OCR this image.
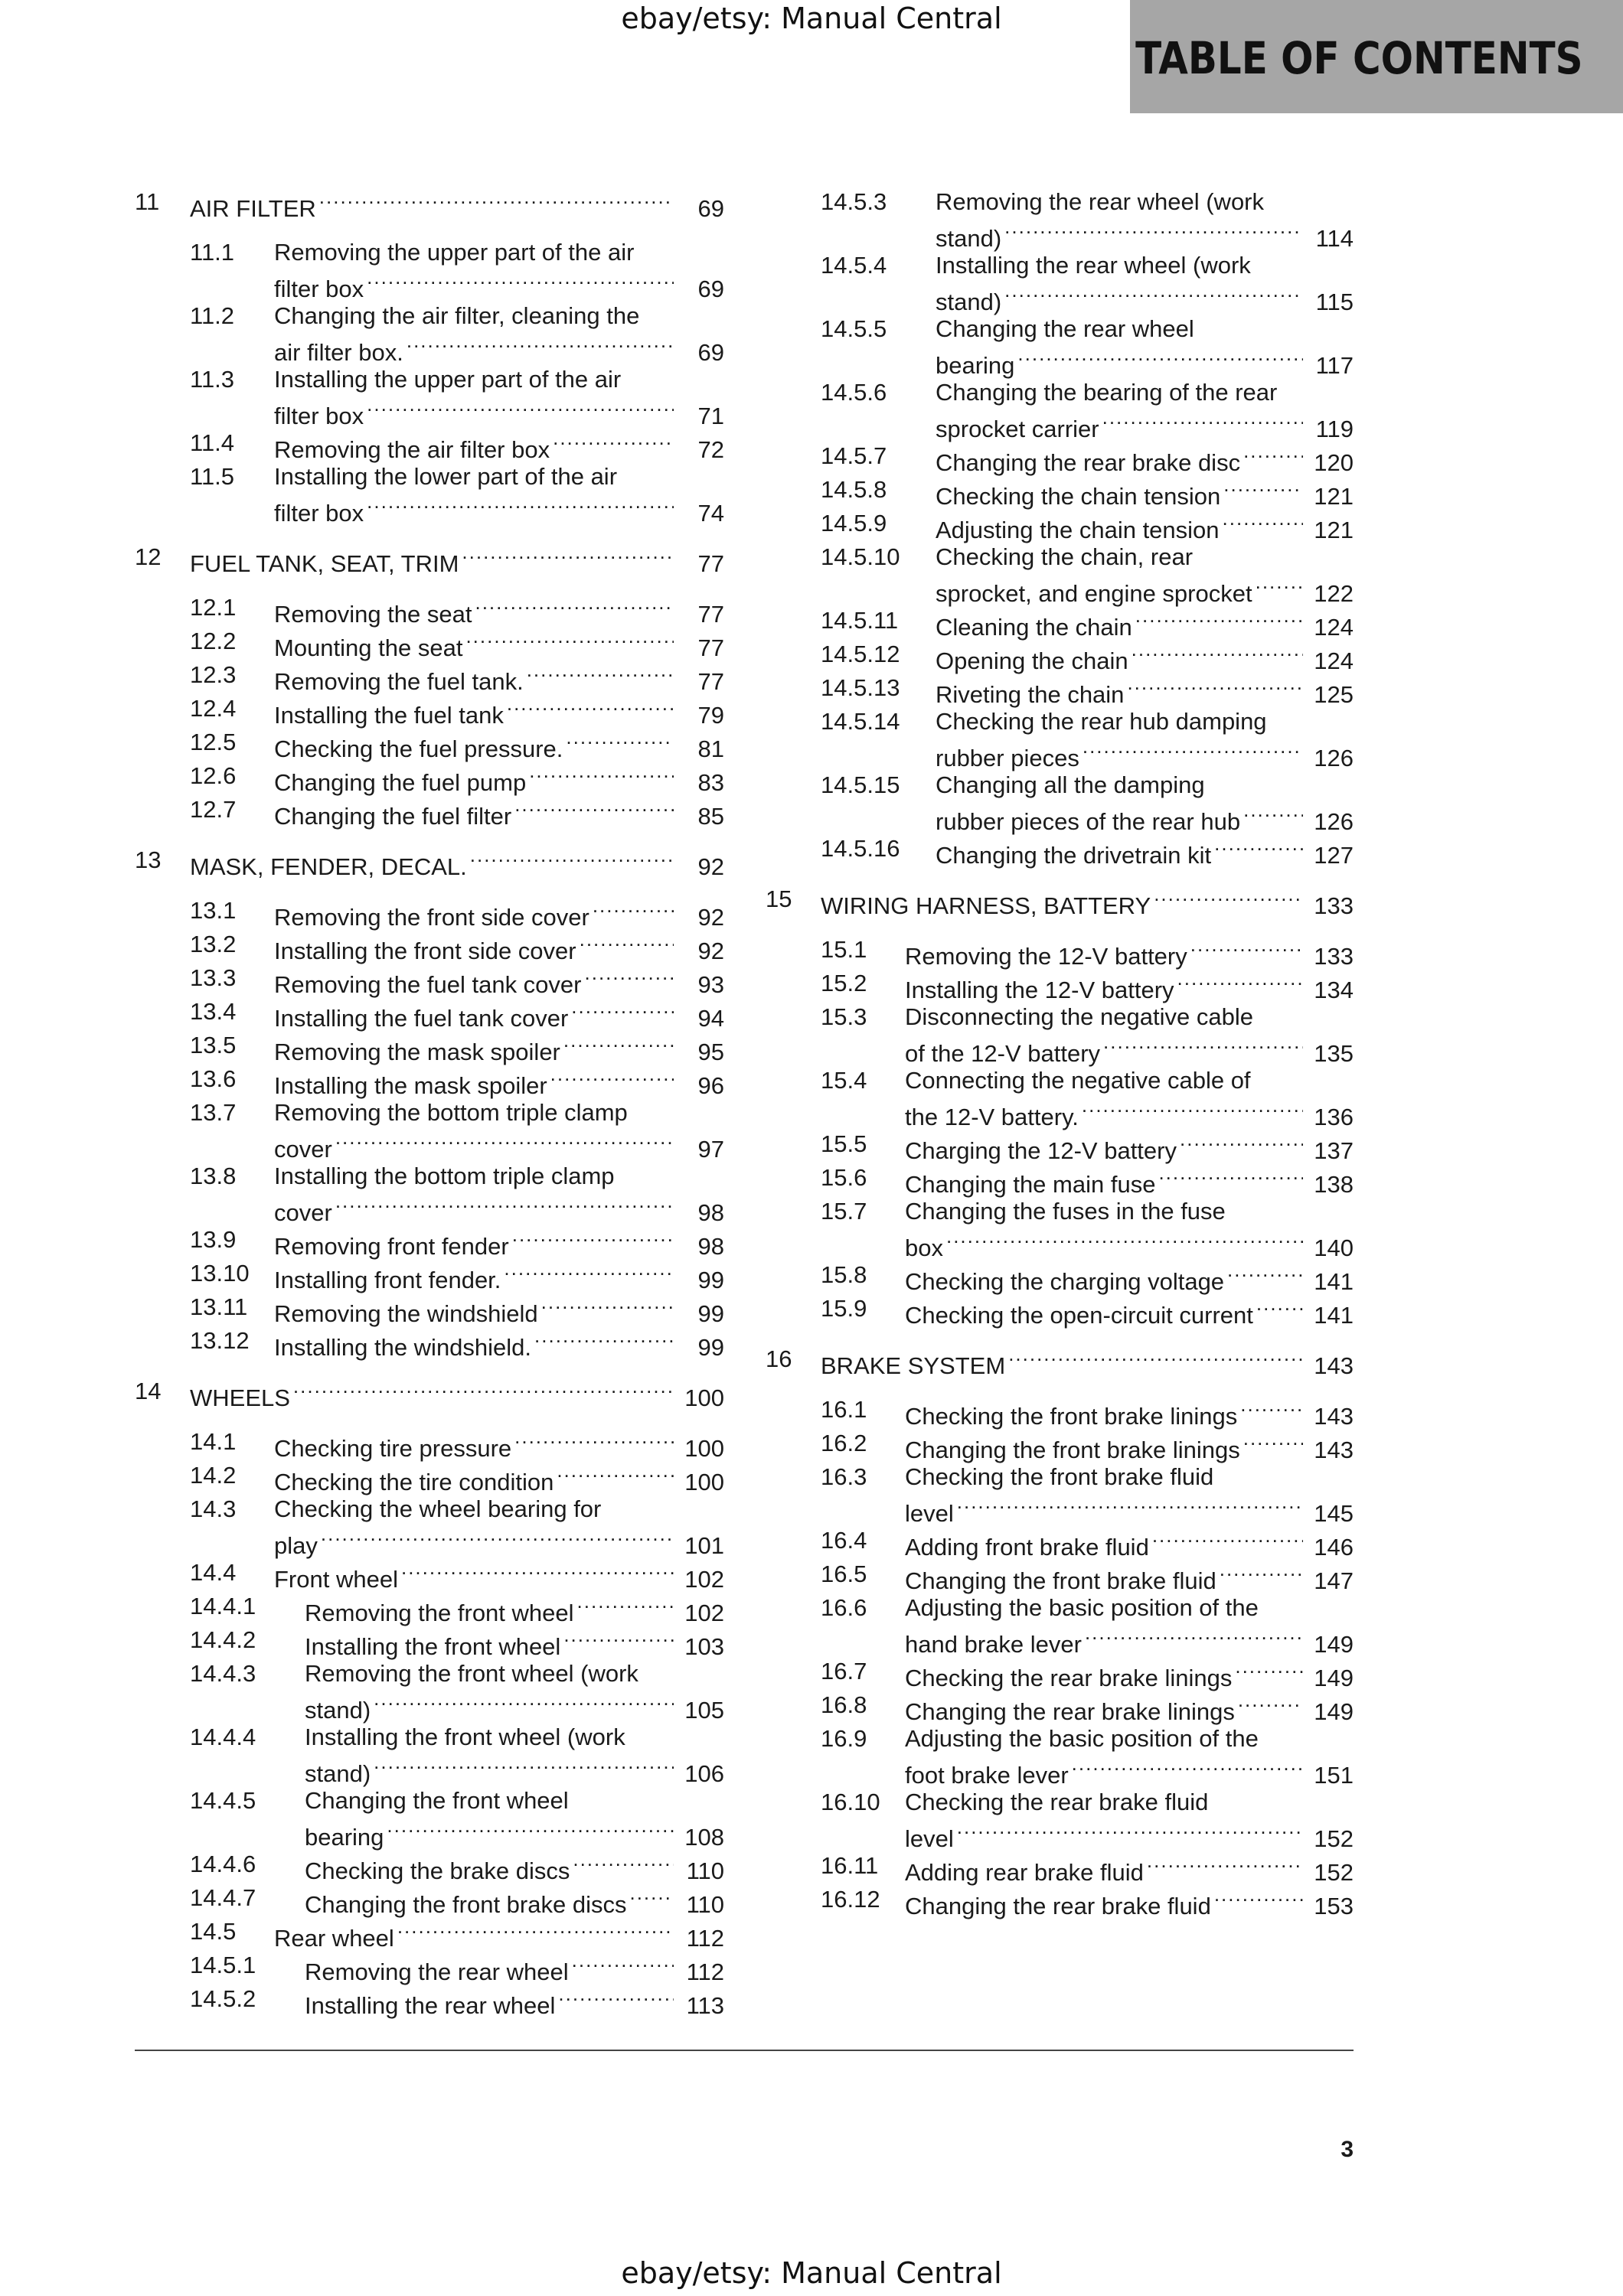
ebay/etsy: Manual Central
TABLE OF CONTENTS
11 AIR FILTER .....	69
11.1 Removing the upper part of the air
filter box .....	69
11.2 Changing the air filter, cleaning the
air filter box. .....	69
11.3 Installing the upper part of the air
filter box .....	71
11.4 Removing the air filter box .....	72
11.5 Installing the lower part of the air
filter box .....	74
12 FUEL TANK, SEAT, TRIM .....	77
12.1 Removing the seat .....	77
12.2 Mounting the seat .....	77
12.3 Removing the fuel tank. .....	77
12.4 Installing the fuel tank .....	79
12.5 Checking the fuel pressure. .....	81
12.6 Changing the fuel pump .....	83
12.7 Changing the fuel filter .....	85
13 MASK, FENDER, DECAL. .....	92
13.1 Removing the front side cover .....	92
13.2 Installing the front side cover .....	92
13.3 Removing the fuel tank cover .....	93
13.4 Installing the fuel tank cover .....	94
13.5 Removing the mask spoiler .....	95
13.6 Installing the mask spoiler .....	96
13.7 Removing the bottom triple clamp
cover .....	97
13.8 Installing the bottom triple clamp
cover .....	98
13.9 Removing front fender .....	98
13.10 Installing front fender. .....	99
13.11 Removing the windshield .....	99
13.12 Installing the windshield. .....	99
14 WHEELS .....	100
14.1 Checking tire pressure .....	100
14.2 Checking the tire condition .....	100
14.3 Checking the wheel bearing for
play .....	101
14.4 Front wheel .....	102
14.4.1 Removing the front wheel .....	102
14.4.2 Installing the front wheel .....	103
14.4.3 Removing the front wheel (work
stand) .....	105
14.4.4 Installing the front wheel (work
stand) .....	106
14.4.5 Changing the front wheel
bearing .....	108
14.4.6 Checking the brake discs .....	110
14.4.7 Changing the front brake discs .....	110
14.5 Rear wheel .....	112
14.5.1 Removing the rear wheel .....	112
14.5.2 Installing the rear wheel .....	113
14.5.3 Removing the rear wheel (work
stand) .....	114
14.5.4 Installing the rear wheel (work
stand) .....	115
14.5.5 Changing the rear wheel
bearing .....	117
14.5.6 Changing the bearing of the rear
sprocket carrier .....	119
14.5.7 Changing the rear brake disc .....	120
14.5.8 Checking the chain tension .....	121
14.5.9 Adjusting the chain tension .....	121
14.5.10 Checking the chain, rear
sprocket, and engine sprocket .....	122
14.5.11 Cleaning the chain .....	124
14.5.12 Opening the chain .....	124
14.5.13 Riveting the chain .....	125
14.5.14 Checking the rear hub damping
rubber pieces .....	126
14.5.15 Changing all the damping
rubber pieces of the rear hub .....	126
14.5.16 Changing the drivetrain kit .....	127
15 WIRING HARNESS, BATTERY .....	133
15.1 Removing the 12-V battery .....	133
15.2 Installing the 12-V battery .....	134
15.3 Disconnecting the negative cable
of the 12-V battery .....	135
15.4 Connecting the negative cable of
the 12-V battery. .....	136
15.5 Charging the 12-V battery .....	137
15.6 Changing the main fuse .....	138
15.7 Changing the fuses in the fuse
box .....	140
15.8 Checking the charging voltage .....	141
15.9 Checking the open-circuit current .....	141
16 BRAKE SYSTEM .....	143
16.1 Checking the front brake linings .....	143
16.2 Changing the front brake linings .....	143
16.3 Checking the front brake fluid
level .....	145
16.4 Adding front brake fluid .....	146
16.5 Changing the front brake fluid .....	147
16.6 Adjusting the basic position of the
hand brake lever .....	149
16.7 Checking the rear brake linings .....	149
16.8 Changing the rear brake linings .....	149
16.9 Adjusting the basic position of the
foot brake lever .....	151
16.10 Checking the rear brake fluid
level .....	152
16.11 Adding rear brake fluid .....	152
16.12 Changing the rear brake fluid .....	153
3
ebay/etsy: Manual Central
